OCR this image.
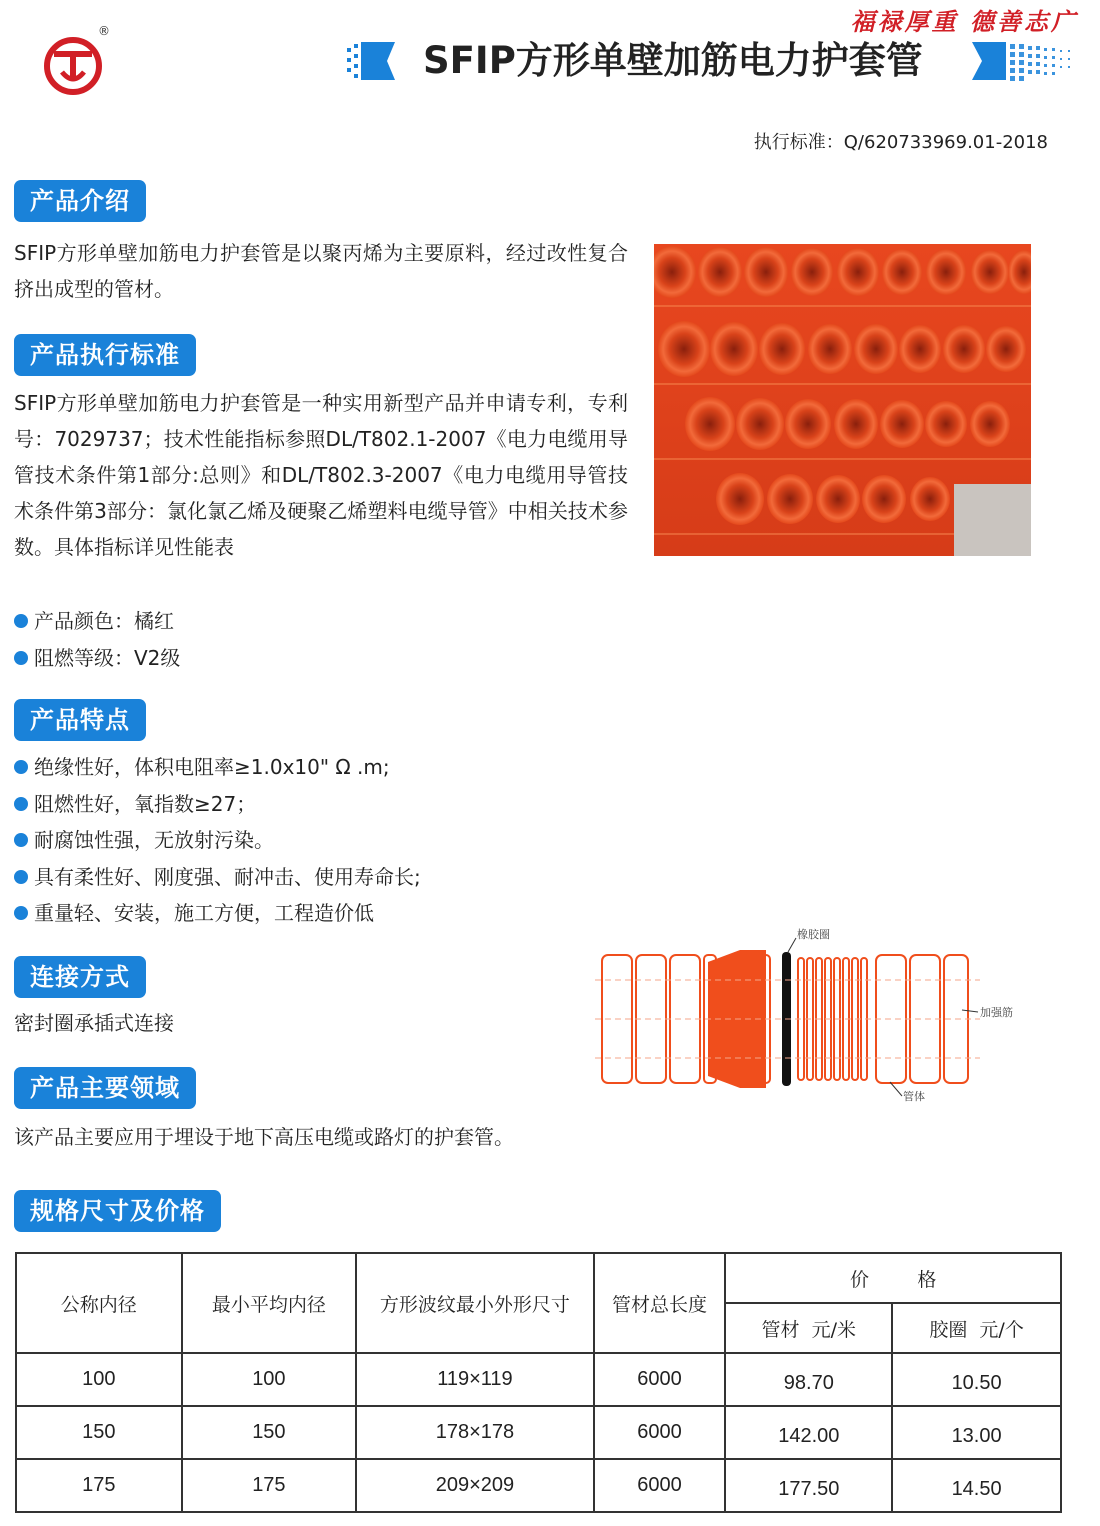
®	福禄厚重 德善志广
SFIP方形单壁加筋电力护套管
执行标准：Q/620733969.01-2018
产品介绍
SFIP方形单壁加筋电力护套管是以聚丙烯为主要原料，经过改性复合挤出成型的管材。
产品执行标准
SFIP方形单壁加筋电力护套管是一种实用新型产品并申请专利，专利号：7029737；技术性能指标参照DL/T802.1-2007《电力电缆用导管技术条件第1部分:总则》和DL/T802.3-2007《电力电缆用导管技术条件第3部分：氯化氯乙烯及硬聚乙烯塑料电缆导管》中相关技术参数。具体指标详见性能表
产品颜色：橘红
阻燃等级：V2级
产品特点
绝缘性好，体积电阻率≥1.0x10" Ω .m;
阻燃性好，氧指数≥27；
耐腐蚀性强，无放射污染。
具有柔性好、刚度强、耐冲击、使用寿命长;
重量轻、安装，施工方便，工程造价低
连接方式
密封圈承插式连接
橡胶圈
加强筋
管体
产品主要领域
该产品主要应用于埋设于地下高压电缆或路灯的护套管。
规格尺寸及价格
公称内径	最小平均内径	方形波纹最小外形尺寸	管材总长度	价        格	
				管材  元/米	胶圈  元/个
100	100	119×119	6000	98.70	10.50
150	150	178×178	6000	142.00	13.00
175	175	209×209	6000	177.50	14.50
